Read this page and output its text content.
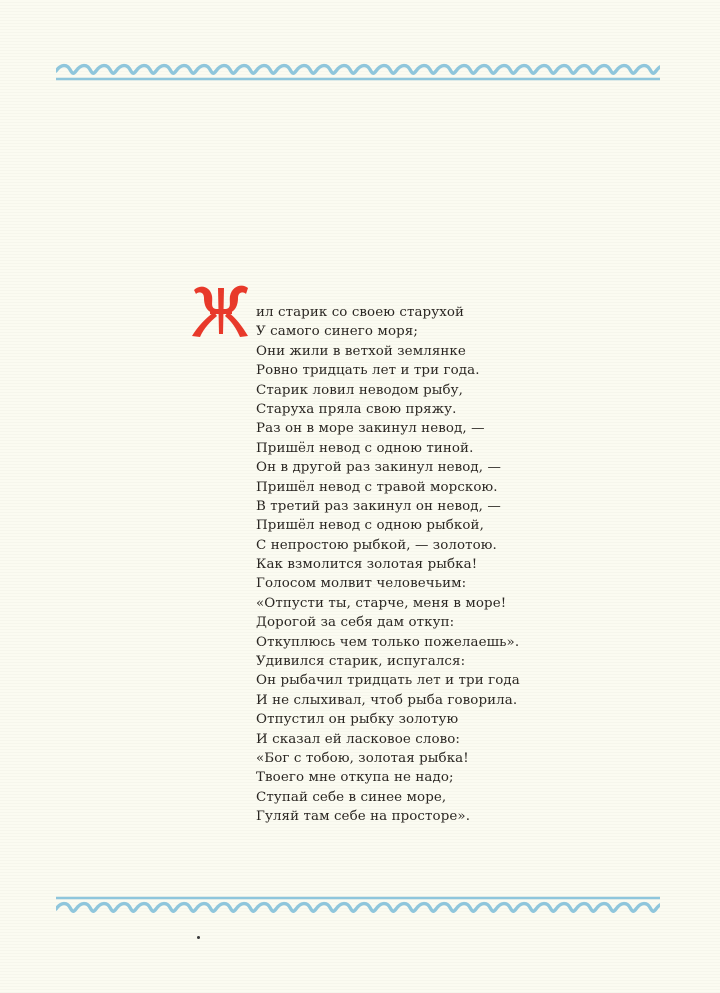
ил старик со своею старухой
У самого синего моря;
Они жили в ветхой землянке
Ровно тридцать лет и три года.
Старик ловил неводом рыбу,
Старуха пряла свою пряжу.
Раз он в море закинул невод, —
Пришёл невод с одною тиной.
Он в другой раз закинул невод, —
Пришёл невод с травой морскою.
В третий раз закинул он невод, —
Пришёл невод с одною рыбкой,
С непростою рыбкой, — золотою.
Как взмолится золотая рыбка!
Голосом молвит человечьим:
«Отпусти ты, старче, меня в море!
Дорогой за себя дам откуп:
Откуплюсь чем только пожелаешь».
Удивился старик, испугался:
Он рыбачил тридцать лет и три года
И не слыхивал, чтоб рыба говорила.
Отпустил он рыбку золотую
И сказал ей ласковое слово:
«Бог с тобою, золотая рыбка!
Твоего мне откупа не надо;
Ступай себе в синее море,
Гуляй там себе на просторе».
